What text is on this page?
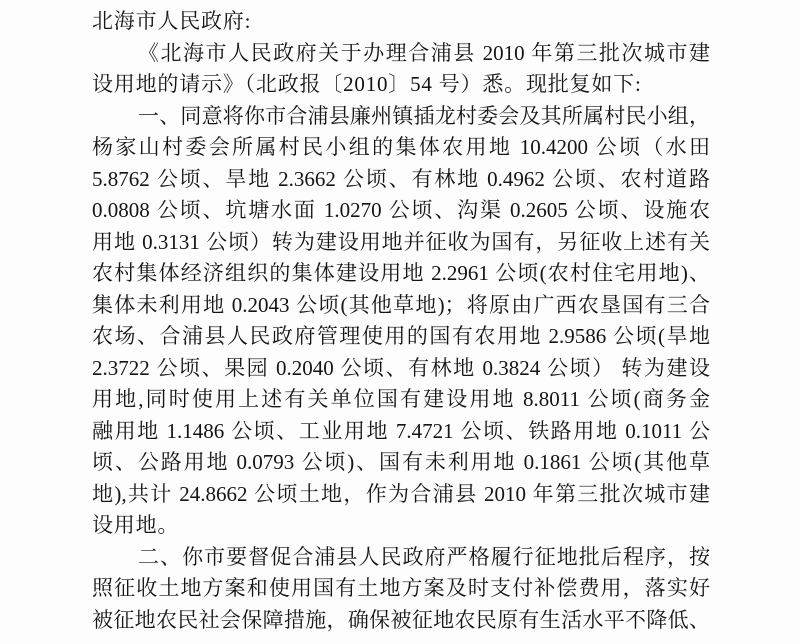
北海市人民政府:
《北海市人民政府关于办理合浦县 2010 年第三批次城市建
设用地的请示》（北政报〔2010〕54 号）悉。现批复如下:
一、同意将你市合浦县廉州镇插龙村委会及其所属村民小组，
杨家山村委会所属村民小组的集体农用地 10.4200 公顷（水田
5.8762 公顷、旱地 2.3662 公顷、有林地 0.4962 公顷、农村道路
0.0808 公顷、坑塘水面 1.0270 公顷、沟渠 0.2605 公顷、设施农
用地 0.3131 公顷）转为建设用地并征收为国有，另征收上述有关
农村集体经济组织的集体建设用地 2.2961 公顷(农村住宅用地)、
集体未利用地 0.2043 公顷(其他草地)；将原由广西农垦国有三合
农场、合浦县人民政府管理使用的国有农用地 2.9586 公顷(旱地
2.3722 公顷、果园 0.2040 公顷、有林地 0.3824 公顷） 转为建设
用地,同时使用上述有关单位国有建设用地 8.8011 公顷(商务金
融用地 1.1486 公顷、工业用地 7.4721 公顷、铁路用地 0.1011 公
顷、公路用地 0.0793 公顷)、国有未利用地 0.1861 公顷(其他草
地),共计 24.8662 公顷土地，作为合浦县 2010 年第三批次城市建
设用地。
二、你市要督促合浦县人民政府严格履行征地批后程序，按
照征收土地方案和使用国有土地方案及时支付补偿费用，落实好
被征地农民社会保障措施，确保被征地农民原有生活水平不降低、
